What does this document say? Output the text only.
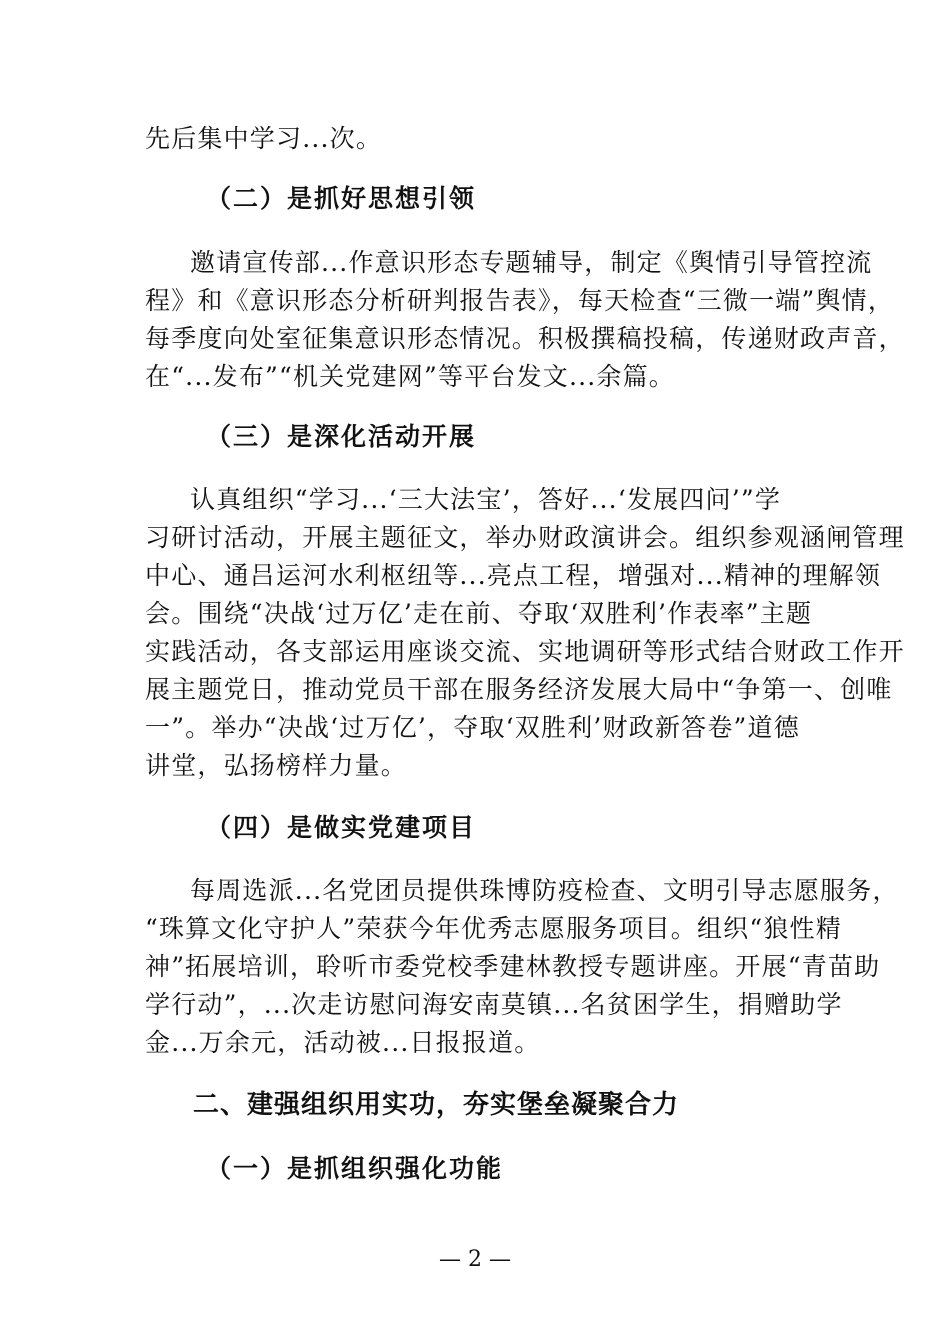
先后集中学习...次。
（二）是抓好思想引领
邀请宣传部...作意识形态专题辅导，制定《舆情引导管控流
程》和《意识形态分析研判报告表》，每天检查“三微一端”舆情，
每季度向处室征集意识形态情况。积极撰稿投稿，传递财政声音，
在“...发布”“机关党建网”等平台发文...余篇。
（三）是深化活动开展
认真组织“学习...‘三大法宝’，答好...‘发展四问’”学
习研讨活动，开展主题征文，举办财政演讲会。组织参观涵闸管理
中心、通吕运河水利枢纽等...亮点工程，增强对...精神的理解领
会。围绕“决战‘过万亿’走在前、夺取‘双胜利’作表率”主题
实践活动，各支部运用座谈交流、实地调研等形式结合财政工作开
展主题党日，推动党员干部在服务经济发展大局中“争第一、创唯
一”。举办“决战‘过万亿’，夺取‘双胜利’财政新答卷”道德
讲堂，弘扬榜样力量。
（四）是做实党建项目
每周选派...名党团员提供珠博防疫检查、文明引导志愿服务，
“珠算文化守护人”荣获今年优秀志愿服务项目。组织“狼性精
神”拓展培训，聆听市委党校季建林教授专题讲座。开展“青苗助
学行动”，...次走访慰问海安南莫镇...名贫困学生，捐赠助学
金...万余元，活动被...日报报道。
二、建强组织用实功，夯实堡垒凝聚合力
（一）是抓组织强化功能
— 2 —
